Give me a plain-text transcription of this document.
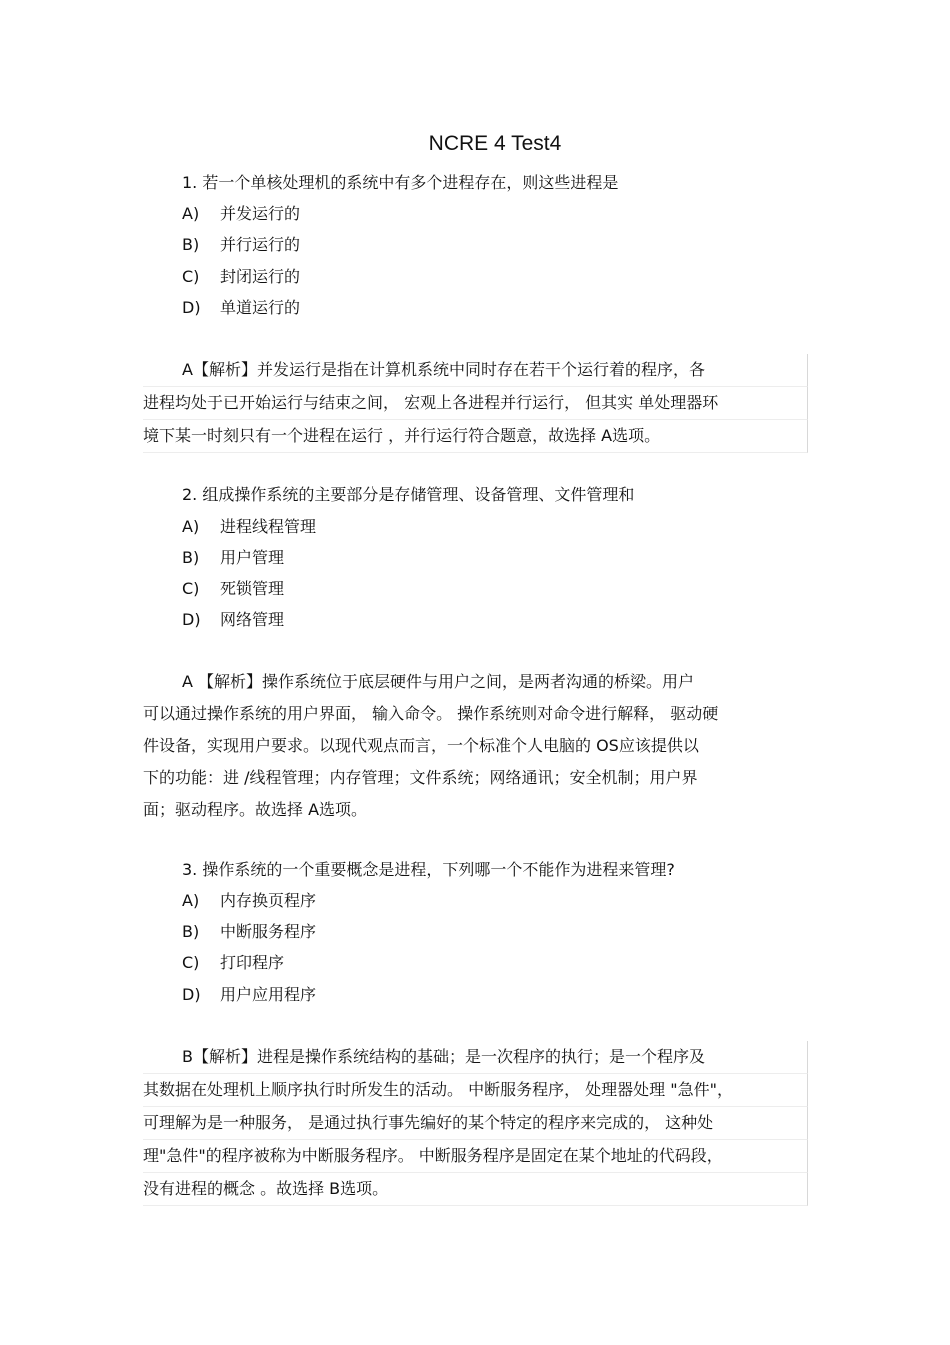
NCRE 4 Test4
1. 若一个单核处理机的系统中有多个进程存在，则这些进程是
A) 并发运行的
B) 并行运行的
C) 封闭运行的
D) 单道运行的
A【解析】并发运行是指在计算机系统中同时存在若干个运行着的程序，各
进程均处于已开始运行与结束之间， 宏观上各进程并行运行， 但其实 单处理器环
境下某一时刻只有一个进程在运行 ，并行运行符合题意，故选择 A选项。
2. 组成操作系统的主要部分是存储管理、设备管理、文件管理和
A) 进程线程管理
B) 用户管理
C) 死锁管理
D) 网络管理
A 【解析】操作系统位于底层硬件与用户之间，是两者沟通的桥梁。用户
可以通过操作系统的用户界面， 输入命令。 操作系统则对命令进行解释， 驱动硬
件设备，实现用户要求。以现代观点而言，一个标准个人电脑的 OS应该提供以
下的功能：进 /线程管理；内存管理；文件系统；网络通讯；安全机制；用户界
面；驱动程序。故选择 A选项。
3. 操作系统的一个重要概念是进程，下列哪一个不能作为进程来管理?
A) 内存换页程序
B) 中断服务程序
C) 打印程序
D) 用户应用程序
B【解析】进程是操作系统结构的基础；是一次程序的执行；是一个程序及
其数据在处理机上顺序执行时所发生的活动。 中断服务程序， 处理器处理 "急件"，
可理解为是一种服务， 是通过执行事先编好的某个特定的程序来完成的， 这种处
理"急件"的程序被称为中断服务程序。 中断服务程序是固定在某个地址的代码段，
没有进程的概念 。故选择 B选项。
